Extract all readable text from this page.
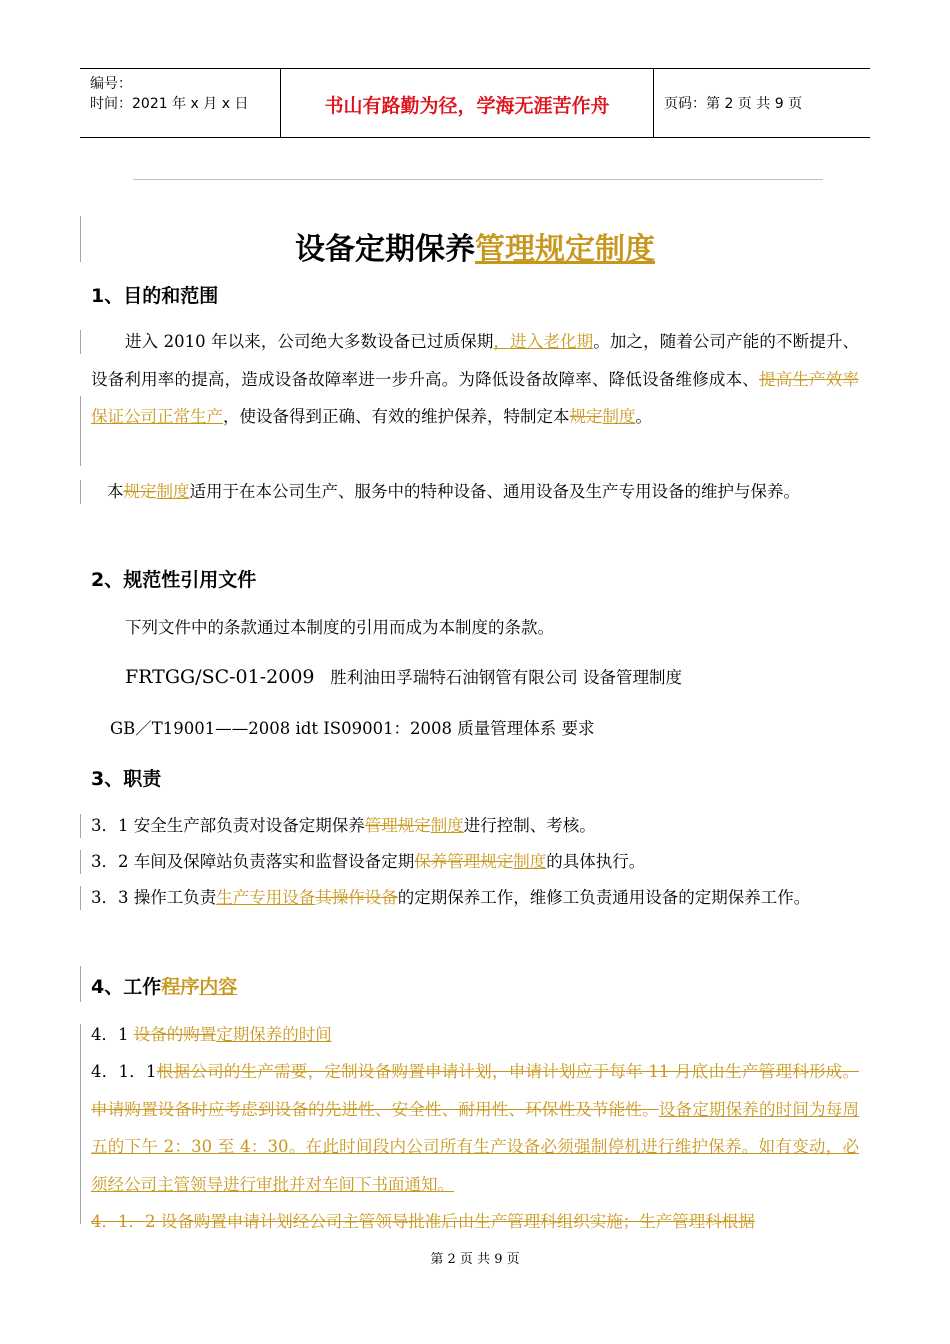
编号：
时间：2021 年 x 月 x 日	书山有路勤为径，学海无涯苦作舟	页码：第 2 页 共 9 页
设备定期保养管理规定制度
1、目的和范围
进入 2010 年以来，公司绝大多数设备已过质保期，进入老化期。加之，随着公司产能的不断提升、设备利用率的提高，造成设备故障率进一步升高。为降低设备故障率、降低设备维修成本、提高生产效率保证公司正常生产，使设备得到正确、有效的维护保养，特制定本规定制度。
本规定制度适用于在本公司生产、服务中的特种设备、通用设备及生产专用设备的维护与保养。
2、规范性引用文件
下列文件中的条款通过本制度的引用而成为本制度的条款。
FRTGG/SC-01-2009 胜利油田孚瑞特石油钢管有限公司 设备管理制度
GB／T19001——2008 idt IS09001：2008 质量管理体系 要求
3、职责
3．1 安全生产部负责对设备定期保养管理规定制度进行控制、考核。
3．2 车间及保障站负责落实和监督设备定期保养管理规定制度的具体执行。
3．3 操作工负责生产专用设备其操作设备的定期保养工作，维修工负责通用设备的定期保养工作。
4、工作程序内容
4．1 设备的购置定期保养的时间
4．1．1根据公司的生产需要，定制设备购置申请计划，申请计划应于每年 11 月底由生产管理科形成。申请购置设备时应考虑到设备的先进性、安全性、耐用性、环保性及节能性。设备定期保养的时间为每周五的下午 2：30 至 4：30。在此时间段内公司所有生产设备必须强制停机进行维护保养。如有变动，必须经公司主管领导进行审批并对车间下书面通知。
4．1．2 设备购置申请计划经公司主管领导批准后由生产管理科组织实施；生产管理科根据
第 2 页 共 9 页
